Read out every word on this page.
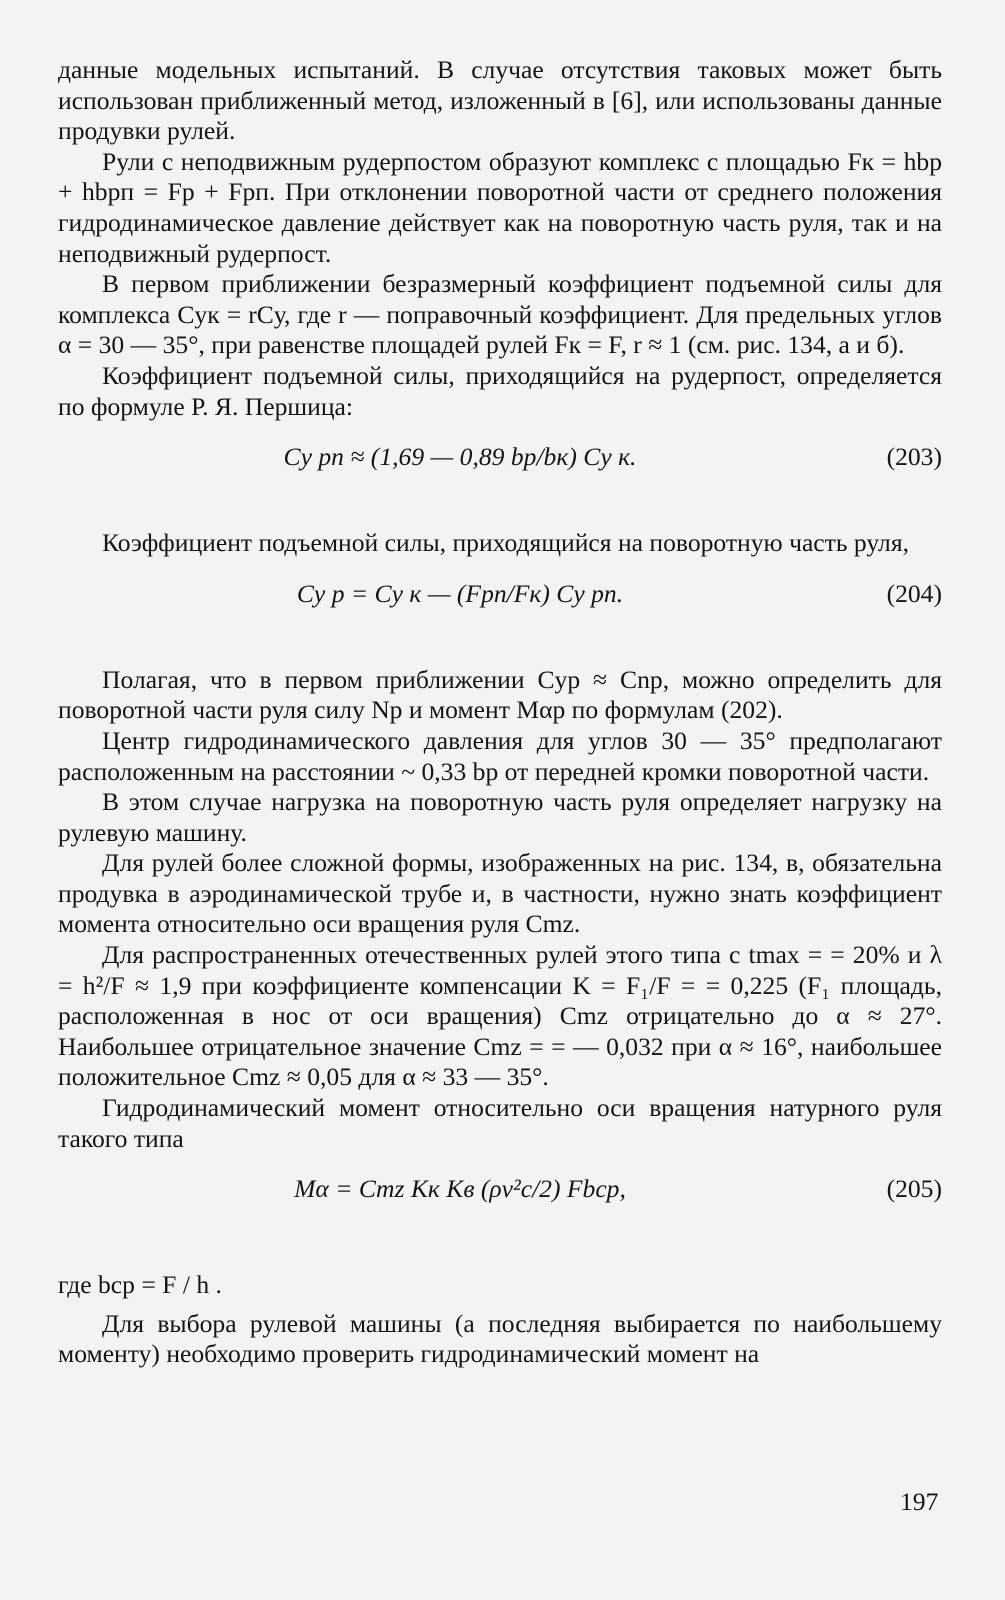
данные модельных испытаний. В случае отсутствия таковых может быть использован приближенный метод, изложенный в [6], или использованы данные продувки рулей.

Рули с неподвижным рудерпостом образуют комплекс с площадью Fк = hbр + hbрп = Fр + Fрп. При отклонении поворотной части от среднего положения гидродинамическое давление действует как на поворотную часть руля, так и на неподвижный рудерпост.

В первом приближении безразмерный коэффициент подъемной силы для комплекса Cук = rCу, где r — поправочный коэффициент. Для предельных углов α = 30 — 35°, при равенстве площадей рулей Fк = F, r ≈ 1 (см. рис. 134, а и б).

Коэффициент подъемной силы, приходящийся на рудерпост, определяется по формуле Р. Я. Першица:

Cу рп ≈ (1,69 — 0,89 bр/bк) Cу к.	(203)

Коэффициент подъемной силы, приходящийся на поворотную часть руля,

Cу р = Cу к — (Fрп/Fк) Cу рп.	(204)

Полагая, что в первом приближении Cуp ≈ Cnр, можно определить для поворотной части руля силу Nр и момент Mαр по формулам (202).

Центр гидродинамического давления для углов 30 — 35° предполагают расположенным на расстоянии ~ 0,33 bр от передней кромки поворотной части.

В этом случае нагрузка на поворотную часть руля определяет нагрузку на рулевую машину.

Для рулей более сложной формы, изображенных на рис. 134, в, обязательна продувка в аэродинамической трубе и, в частности, нужно знать коэффициент момента относительно оси вращения руля Cmz.

Для распространенных отечественных рулей этого типа с tmax = = 20% и λ = h²/F ≈ 1,9 при коэффициенте компенсации K = F₁/F = = 0,225 (F₁ площадь, расположенная в нос от оси вращения) Cmz отрицательно до α ≈ 27°. Наибольшее отрицательное значение Cmz = = — 0,032 при α ≈ 16°, наибольшее положительное Cmz ≈ 0,05 для α ≈ 33 — 35°.

Гидродинамический момент относительно оси вращения натурного руля такого типа

Mα = Cmz Kк Kв (ρv²c/2) Fbср,	(205)

где bср = F / h .

Для выбора рулевой машины (а последняя выбирается по наибольшему моменту) необходимо проверить гидродинамический момент на

197
